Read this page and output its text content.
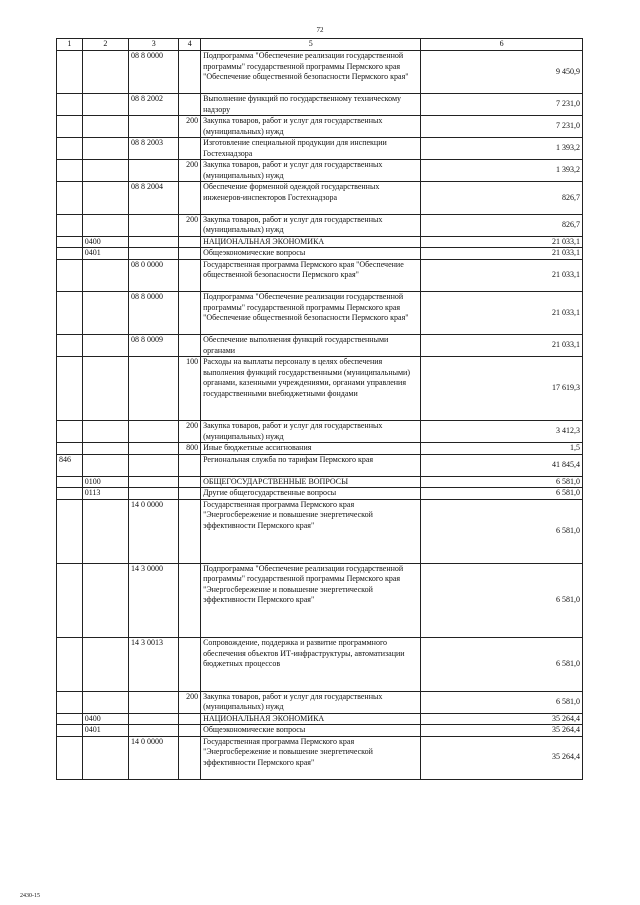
72
1	2	3	4	5	6
		08 8 0000		Подпрограмма "Обеспечение реализации государственной программы" государственной программы Пермского края "Обеспечение общественной безопасности Пермского края"	9 450,9
		08 8 2002		Выполнение функций по государственному техническому надзору	7 231,0
			200	Закупка товаров, работ и услуг для государственных (муниципальных) нужд	7 231,0
		08 8 2003		Изготовление специальной продукции для инспекции Гостехнадзора	1 393,2
			200	Закупка товаров, работ и услуг для государственных (муниципальных) нужд	1 393,2
		08 8 2004		Обеспечение форменной одеждой государственных инженеров-инспекторов Гостехнадзора	826,7
			200	Закупка товаров, работ и услуг для государственных (муниципальных) нужд	826,7
	0400			НАЦИОНАЛЬНАЯ ЭКОНОМИКА	21 033,1
	0401			Общеэкономические вопросы	21 033,1
		08 0 0000		Государственная программа Пермского края "Обеспечение общественной безопасности Пермского края"	21 033,1
		08 8 0000		Подпрограмма "Обеспечение реализации государственной программы" государственной программы Пермского края "Обеспечение общественной безопасности Пермского края"	21 033,1
		08 8 0009		Обеспечение выполнения функций государственными органами	21 033,1
			100	Расходы на выплаты персоналу в целях обеспечения выполнения функций государственными (муниципальными) органами, казенными учреждениями, органами управления государственными внебюджетными фондами	17 619,3
			200	Закупка товаров, работ и услуг для государственных (муниципальных) нужд	3 412,3
			800	Иные бюджетные ассигнования	1,5
846				Региональная служба по тарифам Пермского края	41 845,4
	0100			ОБЩЕГОСУДАРСТВЕННЫЕ ВОПРОСЫ	6 581,0
	0113			Другие общегосударственные вопросы	6 581,0
		14 0 0000		Государственная программа Пермского края "Энергосбережение и повышение энергетической эффективности Пермского края"	6 581,0
		14 3 0000		Подпрограмма "Обеспечение реализации государственной программы" государственной программы Пермского края "Энергосбережение и повышение энергетической эффективности Пермского края"	6 581,0
		14 3 0013		Сопровождение, поддержка и развитие программного обеспечения объектов ИТ-инфраструктуры, автоматизации бюджетных процессов	6 581,0
			200	Закупка товаров, работ и услуг для государственных (муниципальных) нужд	6 581,0
	0400			НАЦИОНАЛЬНАЯ ЭКОНОМИКА	35 264,4
	0401			Общеэкономические вопросы	35 264,4
		14 0 0000		Государственная программа Пермского края "Энергосбережение и повышение энергетической эффективности Пермского края"	35 264,4
2430-15
